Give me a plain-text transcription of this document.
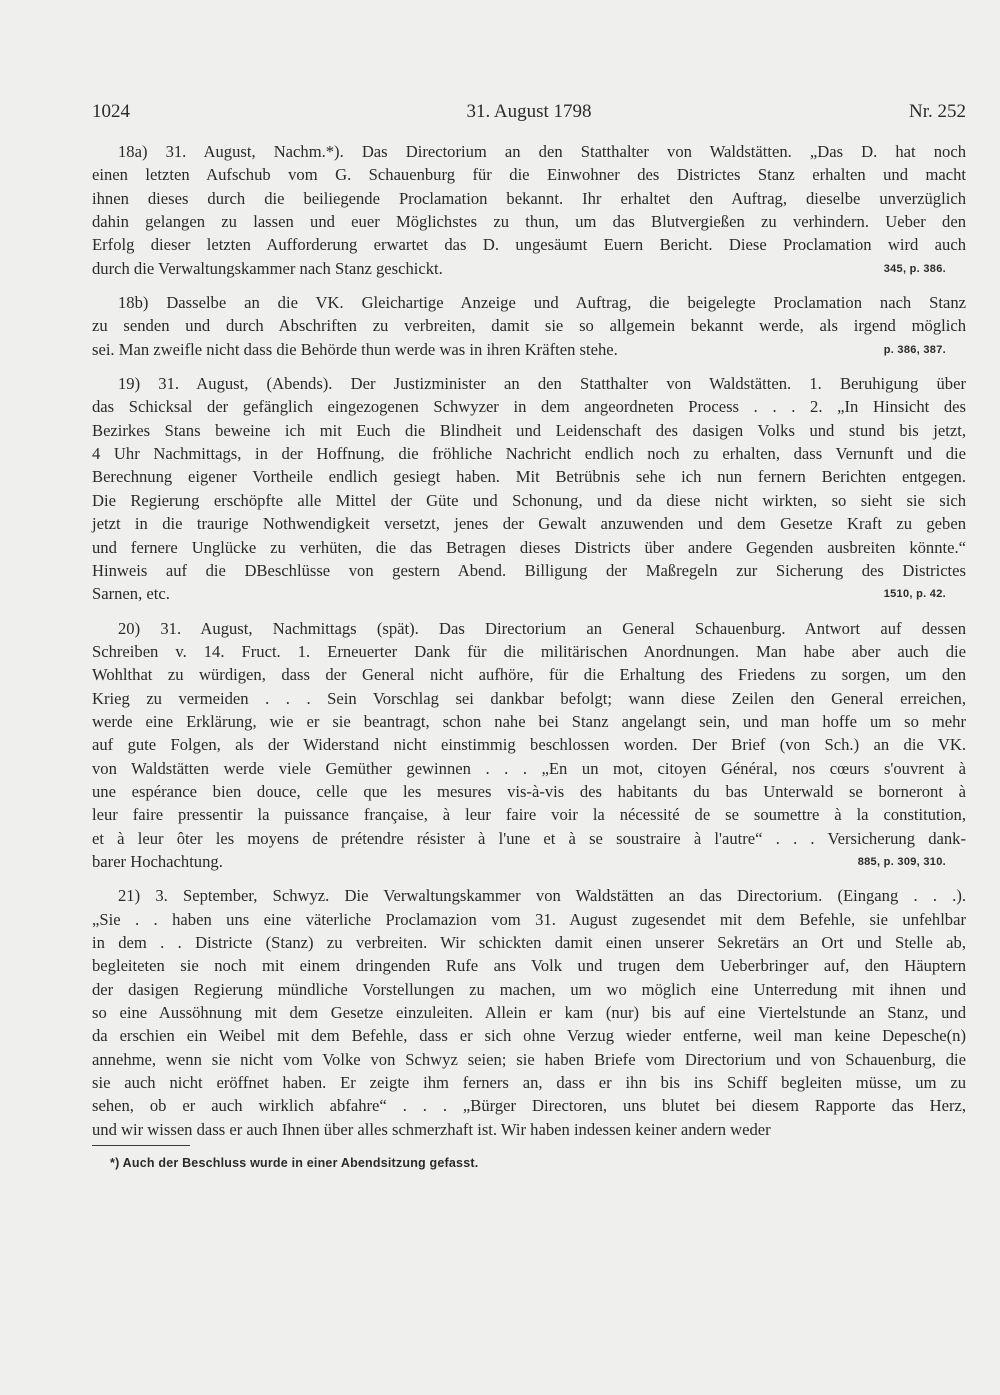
1024	31. August 1798	Nr. 252
18a) 31. August, Nachm.*). Das Directorium an den Statthalter von Waldstätten. „Das D. hat noch
einen letzten Aufschub vom G. Schauenburg für die Einwohner des Districtes Stanz erhalten und macht
ihnen dieses durch die beiliegende Proclamation bekannt. Ihr erhaltet den Auftrag, dieselbe unverzüglich
dahin gelangen zu lassen und euer Möglichstes zu thun, um das Blutvergießen zu verhindern. Ueber den
Erfolg dieser letzten Aufforderung erwartet das D. ungesäumt Euern Bericht. Diese Proclamation wird auch
durch die Verwaltungskammer nach Stanz geschickt.	345, p. 386.
18b) Dasselbe an die VK. Gleichartige Anzeige und Auftrag, die beigelegte Proclamation nach Stanz
zu senden und durch Abschriften zu verbreiten, damit sie so allgemein bekannt werde, als irgend möglich
sei. Man zweifle nicht dass die Behörde thun werde was in ihren Kräften stehe.	p. 386, 387.
19) 31. August, (Abends). Der Justizminister an den Statthalter von Waldstätten. 1. Beruhigung über
das Schicksal der gefänglich eingezogenen Schwyzer in dem angeordneten Process . . . 2. „In Hinsicht des
Bezirkes Stans beweine ich mit Euch die Blindheit und Leidenschaft des dasigen Volks und stund bis jetzt,
4 Uhr Nachmittags, in der Hoffnung, die fröhliche Nachricht endlich noch zu erhalten, dass Vernunft und die
Berechnung eigener Vortheile endlich gesiegt haben. Mit Betrübnis sehe ich nun fernern Berichten entgegen.
Die Regierung erschöpfte alle Mittel der Güte und Schonung, und da diese nicht wirkten, so sieht sie sich
jetzt in die traurige Nothwendigkeit versetzt, jenes der Gewalt anzuwenden und dem Gesetze Kraft zu geben
und fernere Unglücke zu verhüten, die das Betragen dieses Districts über andere Gegenden ausbreiten könnte.“
Hinweis auf die DBeschlüsse von gestern Abend. Billigung der Maßregeln zur Sicherung des Districtes
Sarnen, etc.	1510, p. 42.
20) 31. August, Nachmittags (spät). Das Directorium an General Schauenburg. Antwort auf dessen
Schreiben v. 14. Fruct. 1. Erneuerter Dank für die militärischen Anordnungen. Man habe aber auch die
Wohlthat zu würdigen, dass der General nicht aufhöre, für die Erhaltung des Friedens zu sorgen, um den
Krieg zu vermeiden . . . Sein Vorschlag sei dankbar befolgt; wann diese Zeilen den General erreichen,
werde eine Erklärung, wie er sie beantragt, schon nahe bei Stanz angelangt sein, und man hoffe um so mehr
auf gute Folgen, als der Widerstand nicht einstimmig beschlossen worden. Der Brief (von Sch.) an die VK.
von Waldstätten werde viele Gemüther gewinnen . . . „En un mot, citoyen Général, nos cœurs s'ouvrent à
une espérance bien douce, celle que les mesures vis-à-vis des habitants du bas Unterwald se borneront à
leur faire pressentir la puissance française, à leur faire voir la nécessité de se soumettre à la constitution,
et à leur ôter les moyens de prétendre résister à l'une et à se soustraire à l'autre“ . . . Versicherung dank-
barer Hochachtung.	885, p. 309, 310.
21) 3. September, Schwyz. Die Verwaltungskammer von Waldstätten an das Directorium. (Eingang . . .).
„Sie . . haben uns eine väterliche Proclamazion vom 31. August zugesendet mit dem Befehle, sie unfehlbar
in dem . . Districte (Stanz) zu verbreiten. Wir schickten damit einen unserer Sekretärs an Ort und Stelle ab,
begleiteten sie noch mit einem dringenden Rufe ans Volk und trugen dem Ueberbringer auf, den Häuptern
der dasigen Regierung mündliche Vorstellungen zu machen, um wo möglich eine Unterredung mit ihnen und
so eine Aussöhnung mit dem Gesetze einzuleiten. Allein er kam (nur) bis auf eine Viertelstunde an Stanz, und
da erschien ein Weibel mit dem Befehle, dass er sich ohne Verzug wieder entferne, weil man keine Depesche(n)
annehme, wenn sie nicht vom Volke von Schwyz seien; sie haben Briefe vom Directorium und von Schauenburg, die
sie auch nicht eröffnet haben. Er zeigte ihm ferners an, dass er ihn bis ins Schiff begleiten müsse, um zu
sehen, ob er auch wirklich abfahre“ . . . „Bürger Directoren, uns blutet bei diesem Rapporte das Herz,
und wir wissen dass er auch Ihnen über alles schmerzhaft ist. Wir haben indessen keiner andern weder
*) Auch der Beschluss wurde in einer Abendsitzung gefasst.
